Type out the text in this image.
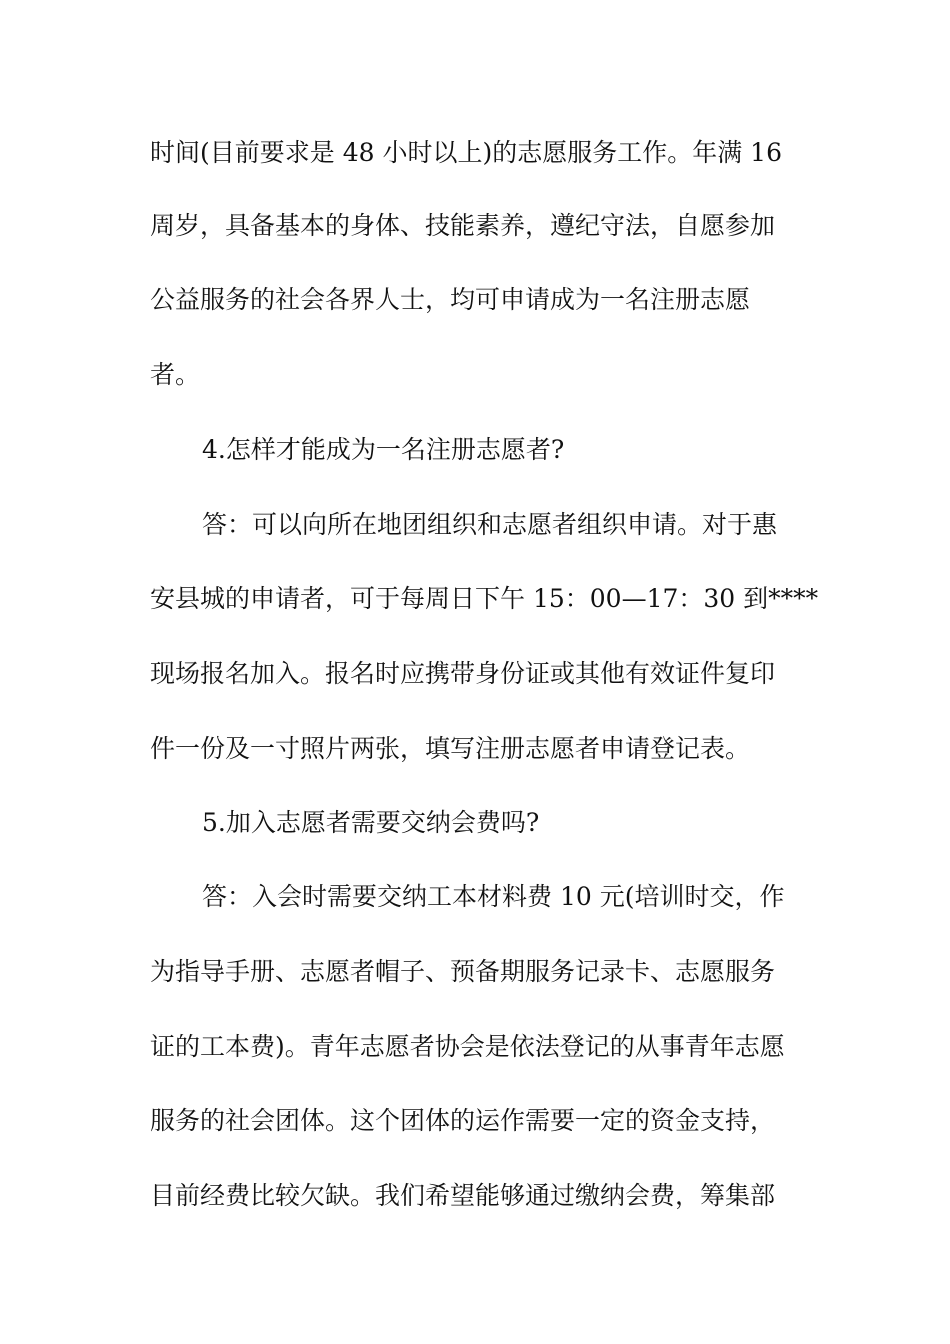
时间(目前要求是 48 小时以上)的志愿服务工作。年满 16
周岁，具备基本的身体、技能素养，遵纪守法，自愿参加
公益服务的社会各界人士，均可申请成为一名注册志愿
者。
4.怎样才能成为一名注册志愿者?
答：可以向所在地团组织和志愿者组织申请。对于惠
安县城的申请者，可于每周日下午 15：00—17：30 到****
现场报名加入。报名时应携带身份证或其他有效证件复印
件一份及一寸照片两张，填写注册志愿者申请登记表。
5.加入志愿者需要交纳会费吗?
答：入会时需要交纳工本材料费 10 元(培训时交，作
为指导手册、志愿者帽子、预备期服务记录卡、志愿服务
证的工本费)。青年志愿者协会是依法登记的从事青年志愿
服务的社会团体。这个团体的运作需要一定的资金支持，
目前经费比较欠缺。我们希望能够通过缴纳会费，筹集部
